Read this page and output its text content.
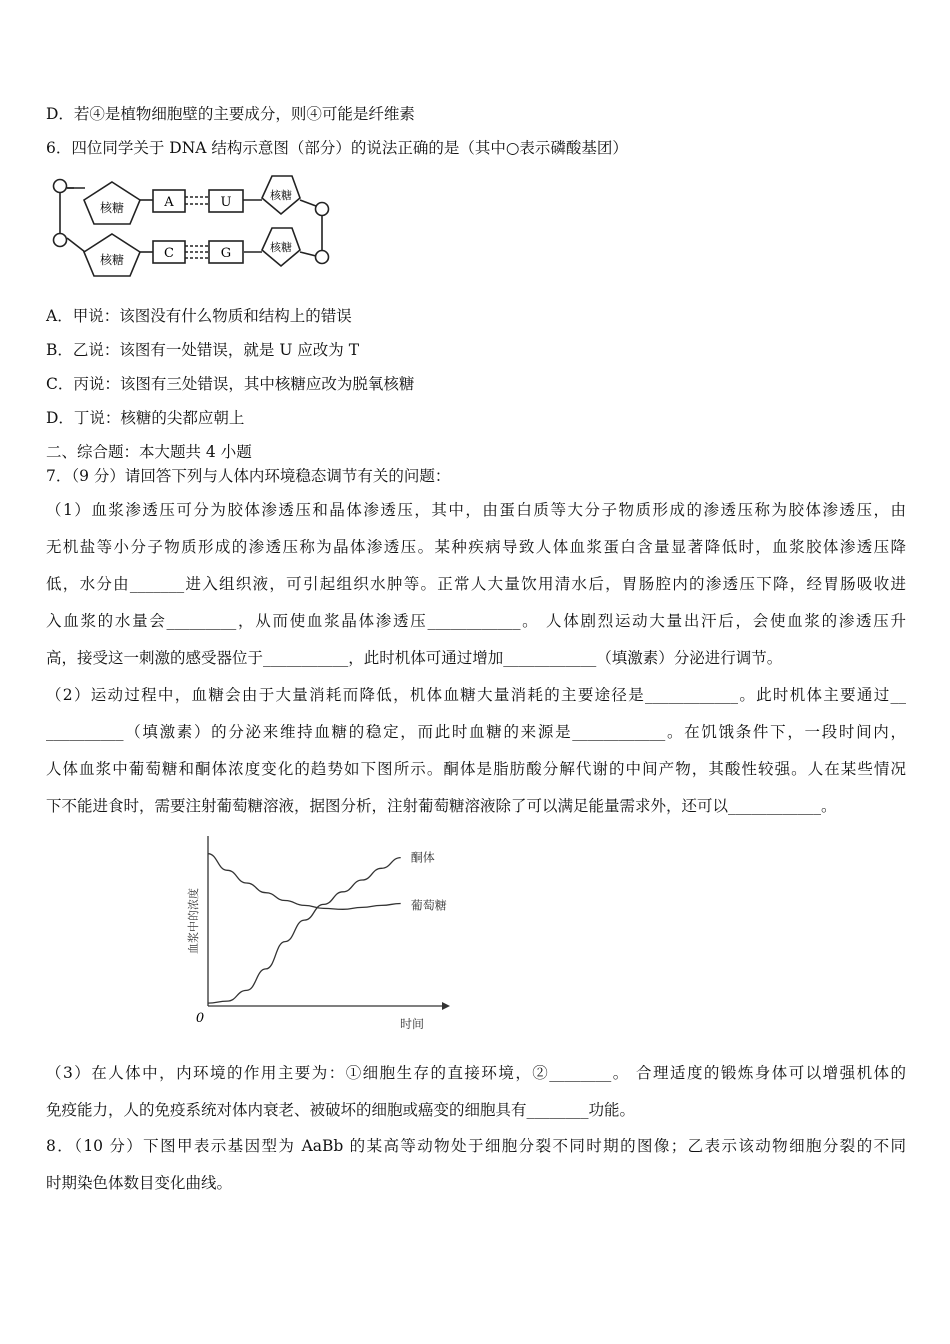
D．若④是植物细胞壁的主要成分，则④可能是纤维素
6．四位同学关于 DNA 结构示意图（部分）的说法正确的是（其中○表示磷酸基团）
核糖
核糖
核糖
核糖
A	U
C	G
A．甲说：该图没有什么物质和结构上的错误
B．乙说：该图有一处错误，就是 U 应改为 T
C．丙说：该图有三处错误，其中核糖应改为脱氧核糖
D．丁说：核糖的尖都应朝上
二、综合题：本大题共 4 小题
7．（9 分）请回答下列与人体内环境稳态调节有关的问题：
（1）血浆渗透压可分为胶体渗透压和晶体渗透压，其中，由蛋白质等大分子物质形成的渗透压称为胶体渗透压，由
无机盐等小分子物质形成的渗透压称为晶体渗透压。某种疾病导致人体血浆蛋白含量显著降低时，血浆胶体渗透压降
低，水分由_______进入组织液，可引起组织水肿等。正常人大量饮用清水后，胃肠腔内的渗透压下降，经胃肠吸收进
入血浆的水量会_________，从而使血浆晶体渗透压____________。 人体剧烈运动大量出汗后，会使血浆的渗透压升
高，接受这一刺激的感受器位于___________，此时机体可通过增加____________（填激素）分泌进行调节。
（2）运动过程中，血糖会由于大量消耗而降低，机体血糖大量消耗的主要途径是____________。此时机体主要通过__
__________（填激素）的分泌来维持血糖的稳定，而此时血糖的来源是____________。在饥饿条件下，一段时间内，
人体血浆中葡萄糖和酮体浓度变化的趋势如下图所示。酮体是脂肪酸分解代谢的中间产物，其酸性较强。人在某些情况
下不能进食时，需要注射葡萄糖溶液，据图分析，注射葡萄糖溶液除了可以满足能量需求外，还可以____________。
0	时间
血浆中的浓度
酮体
葡萄糖
（3）在人体中，内环境的作用主要为：①细胞生存的直接环境，②________。 合理适度的锻炼身体可以增强机体的
免疫能力，人的免疫系统对体内衰老、被破坏的细胞或癌变的细胞具有________功能。
8．（10 分）下图甲表示基因型为 AaBb 的某高等动物处于细胞分裂不同时期的图像；乙表示该动物细胞分裂的不同
时期染色体数目变化曲线。
